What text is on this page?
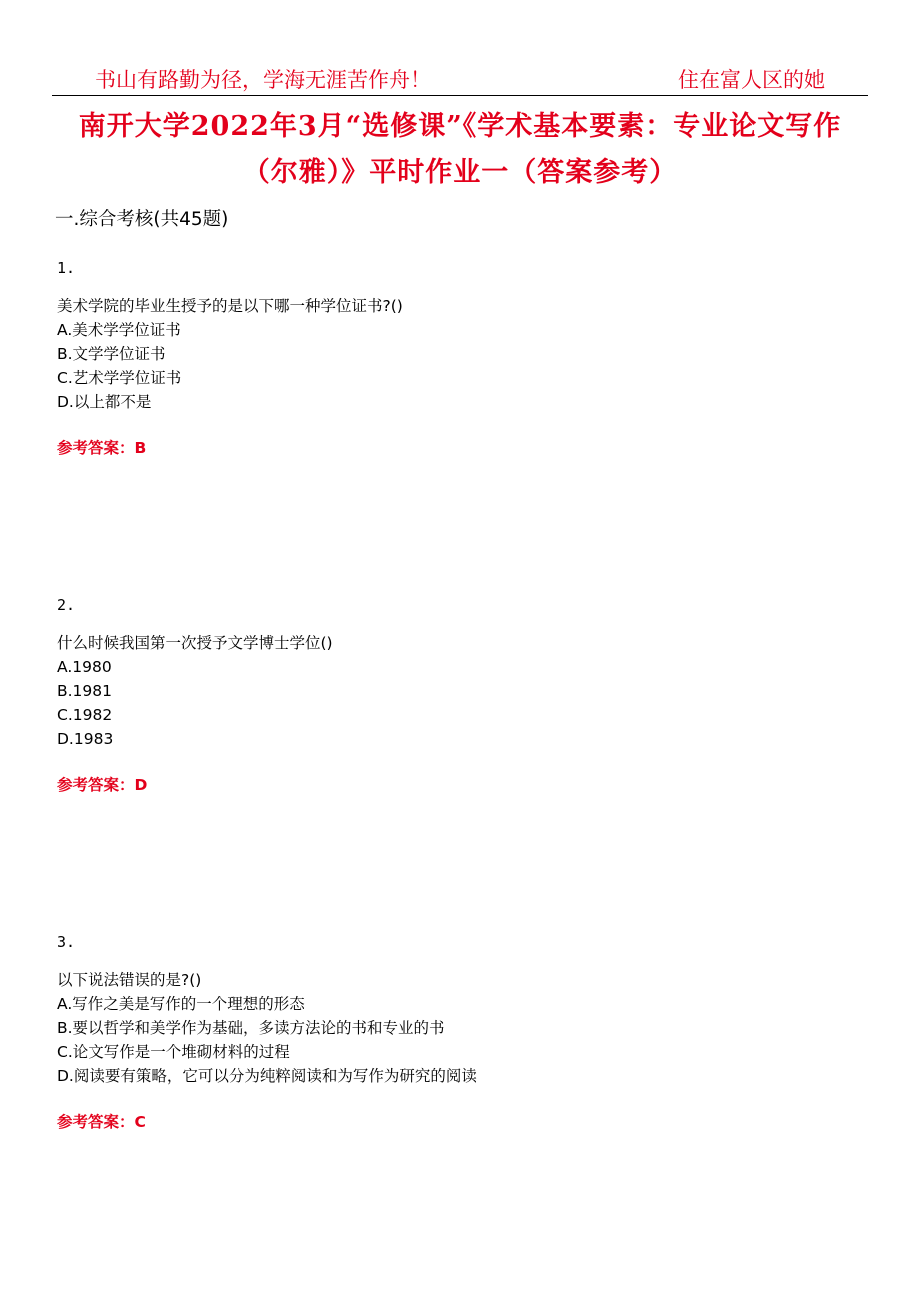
书山有路勤为径，学海无涯苦作舟！	住在富人区的她
南开大学2022年3月“选修课”《学术基本要素：专业论文写作
（尔雅）》平时作业一（答案参考）
一.综合考核(共45题)
1.
美术学院的毕业生授予的是以下哪一种学位证书?()
A.美术学学位证书
B.文学学位证书
C.艺术学学位证书
D.以上都不是
参考答案：B
2.
什么时候我国第一次授予文学博士学位()
A.1980
B.1981
C.1982
D.1983
参考答案：D
3.
以下说法错误的是?()
A.写作之美是写作的一个理想的形态
B.要以哲学和美学作为基础，多读方法论的书和专业的书
C.论文写作是一个堆砌材料的过程
D.阅读要有策略，它可以分为纯粹阅读和为写作为研究的阅读
参考答案：C
